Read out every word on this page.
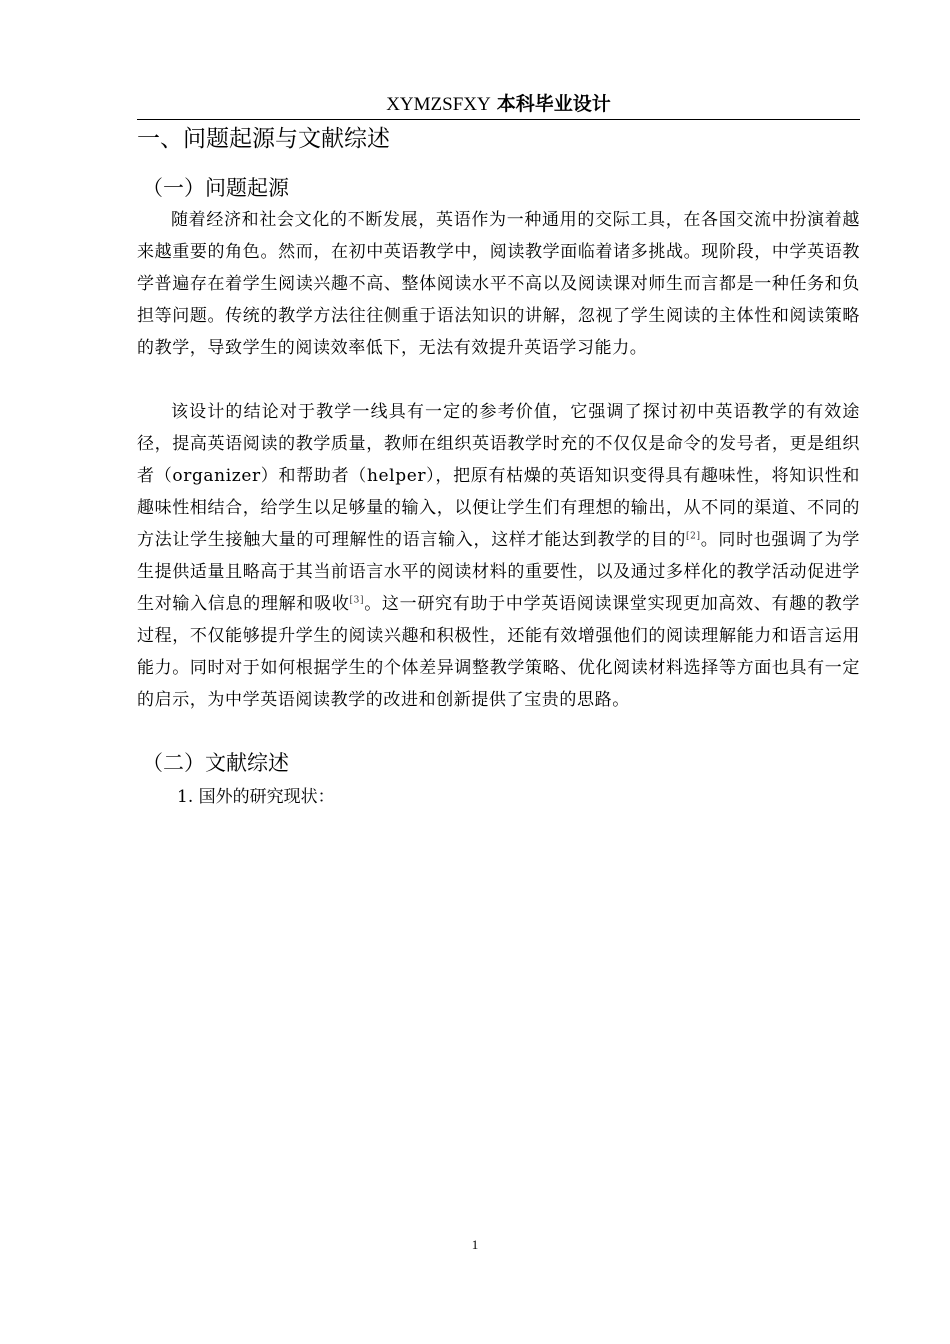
XYMZSFXY 本科毕业设计
一、问题起源与文献综述
（一）问题起源

随着经济和社会文化的不断发展，英语作为一种通用的交际工具，在各国交流中扮演着越来越重要的角色。然而，在初中英语教学中，阅读教学面临着诸多挑战。现阶段，中学英语教学普遍存在着学生阅读兴趣不高、整体阅读水平不高以及阅读课对师生而言都是一种任务和负担等问题。传统的教学方法往往侧重于语法知识的讲解，忽视了学生阅读的主体性和阅读策略的教学，导致学生的阅读效率低下，无法有效提升英语学习能力。

该设计的结论对于教学一线具有一定的参考价值，它强调了探讨初中英语教学的有效途径，提高英语阅读的教学质量，教师在组织英语教学时充的不仅仅是命令的发号者，更是组织者（organizer）和帮助者（helper），把原有枯燥的英语知识变得具有趣味性，将知识性和趣味性相结合，给学生以足够量的输入，以便让学生们有理想的输出，从不同的渠道、不同的方法让学生接触大量的可理解性的语言输入，这样才能达到教学的目的[2]。同时也强调了为学生提供适量且略高于其当前语言水平的阅读材料的重要性，以及通过多样化的教学活动促进学生对输入信息的理解和吸收[3]。这一研究有助于中学英语阅读课堂实现更加高效、有趣的教学过程，不仅能够提升学生的阅读兴趣和积极性，还能有效增强他们的阅读理解能力和语言运用能力。同时对于如何根据学生的个体差异调整教学策略、优化阅读材料选择等方面也具有一定的启示，为中学英语阅读教学的改进和创新提供了宝贵的思路。

（二）文献综述

1. 国外的研究现状：

1
